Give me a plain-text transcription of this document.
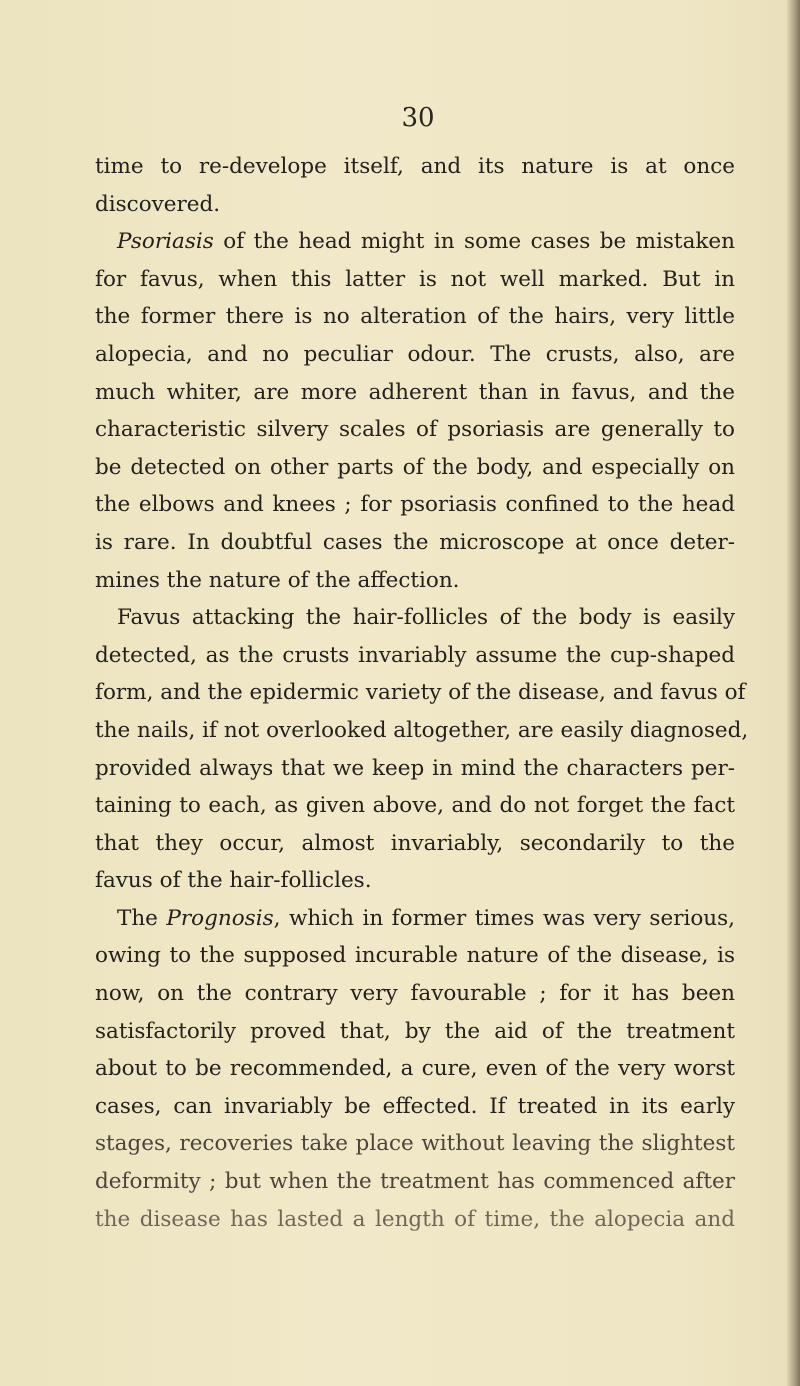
30

time to re-develope itself, and its nature is at once
discovered.
Psoriasis of the head might in some cases be mistaken
for favus, when this latter is not well marked. But in
the former there is no alteration of the hairs, very little
alopecia, and no peculiar odour. The crusts, also, are
much whiter, are more adherent than in favus, and the
characteristic silvery scales of psoriasis are generally to
be detected on other parts of the body, and especially on
the elbows and knees ; for psoriasis confined to the head
is rare. In doubtful cases the microscope at once deter-
mines the nature of the affection.
Favus attacking the hair-follicles of the body is easily
detected, as the crusts invariably assume the cup-shaped
form, and the epidermic variety of the disease, and favus of
the nails, if not overlooked altogether, are easily diagnosed,
provided always that we keep in mind the characters per-
taining to each, as given above, and do not forget the fact
that they occur, almost invariably, secondarily to the
favus of the hair-follicles.
The Prognosis, which in former times was very serious,
owing to the supposed incurable nature of the disease, is
now, on the contrary very favourable ; for it has been
satisfactorily proved that, by the aid of the treatment
about to be recommended, a cure, even of the very worst
cases, can invariably be effected. If treated in its early
stages, recoveries take place without leaving the slightest
deformity ; but when the treatment has commenced after
the disease has lasted a length of time, the alopecia and
